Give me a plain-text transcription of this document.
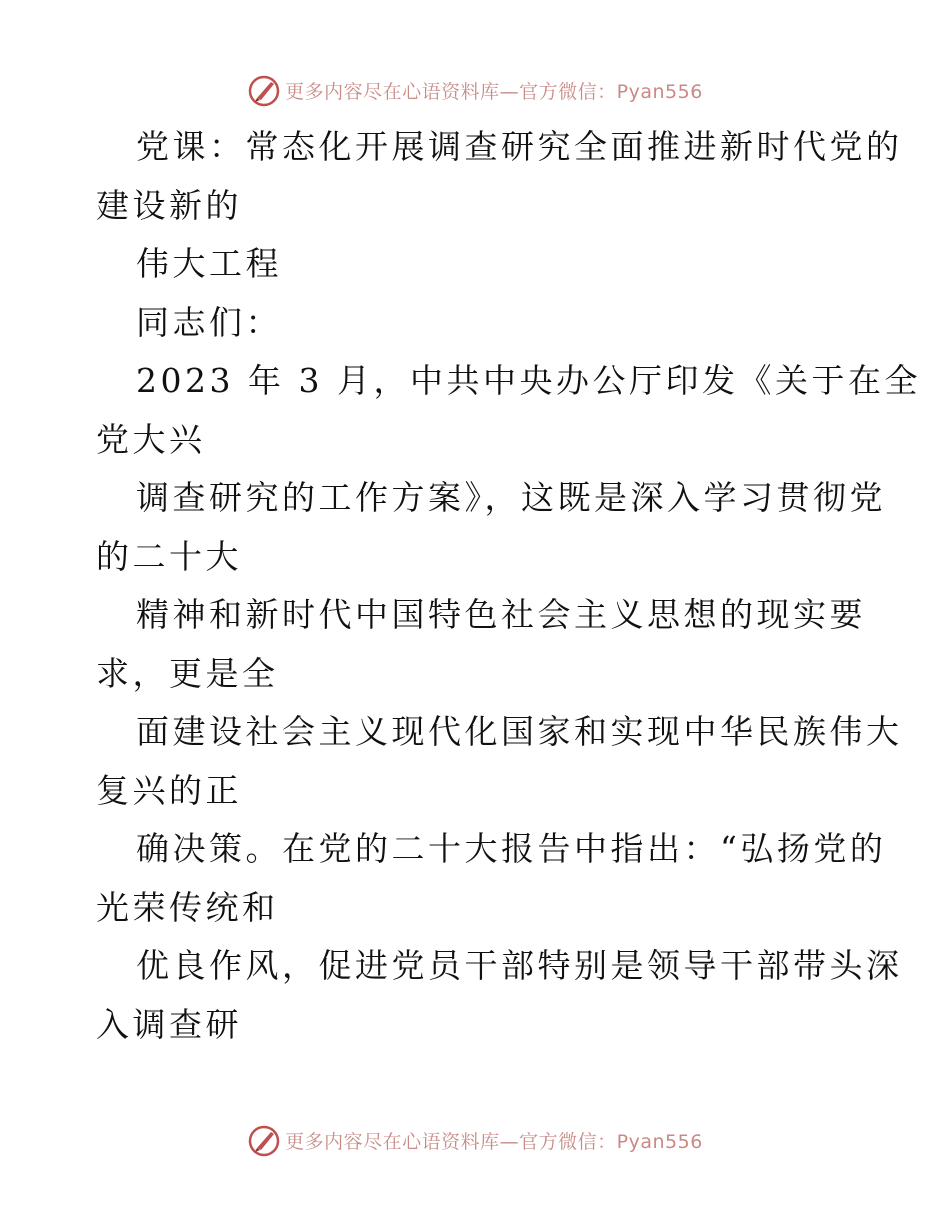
更多内容尽在心语资料库—官方微信：Pyan556
党课：常态化开展调查研究全面推进新时代党的
建设新的
伟大工程
同志们：
2023 年 3 月，中共中央办公厅印发《关于在全
党大兴
调查研究的工作方案》，这既是深入学习贯彻党
的二十大
精神和新时代中国特色社会主义思想的现实要
求，更是全
面建设社会主义现代化国家和实现中华民族伟大
复兴的正
确决策。在党的二十大报告中指出：“弘扬党的
光荣传统和
优良作风，促进党员干部特别是领导干部带头深
入调查研
更多内容尽在心语资料库—官方微信：Pyan556
